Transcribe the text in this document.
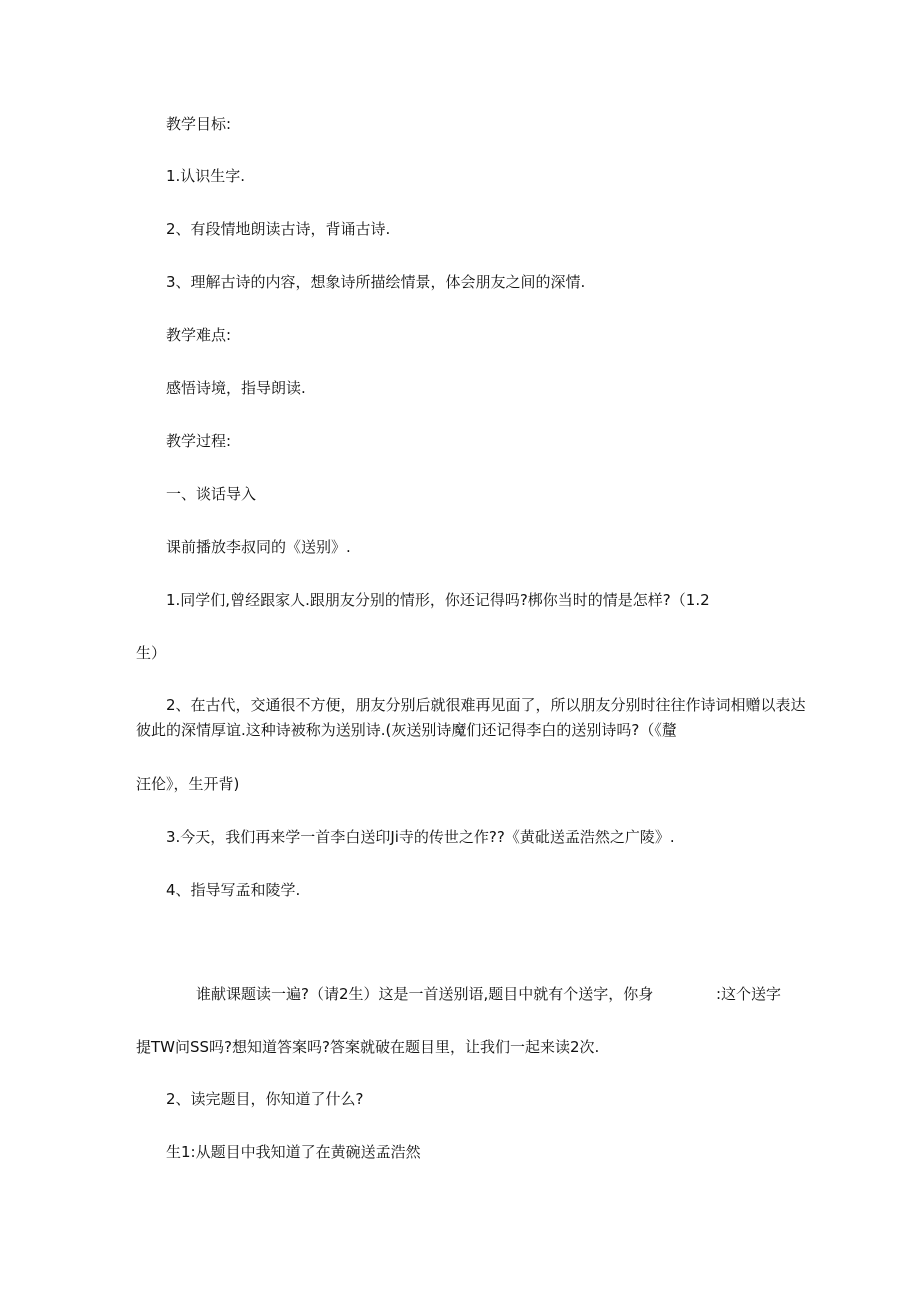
教学目标:
1.认识生字.
2、有段情地朗读古诗，背诵古诗.
3、理解古诗的内容，想象诗所描绘情景，体会朋友之间的深情.
教学难点:
感悟诗境，指导朗读.
教学过程:
一、谈话导入
课前播放李叔同的《送别》.
1.同学们,曾经跟家人.跟朋友分别的情形，你还记得吗?梆你当时的情是怎样?（1.2
生）
2、在古代，交通很不方便，朋友分别后就很难再见面了，所以朋友分别时往往作诗词相赠以表达
彼此的深情厚谊.这种诗被称为送别诗.(灰送别诗魔们还记得李白的送别诗吗?（《釐
汪伦》，生开背)
3.今天，我们再来学一首李白送印Ji寺的传世之作??《黄砒送孟浩然之广陵》.
4、指导写孟和陵学.
谁献课题读一遍?（请2生）这是一首送别语,题目中就有个送字，你身	:这个送字
提TW问SS吗?想知道答案吗?答案就破在题目里，让我们一起来读2次.
2、读完题目，你知道了什么?
生1:从题目中我知道了在黄碗送孟浩然
